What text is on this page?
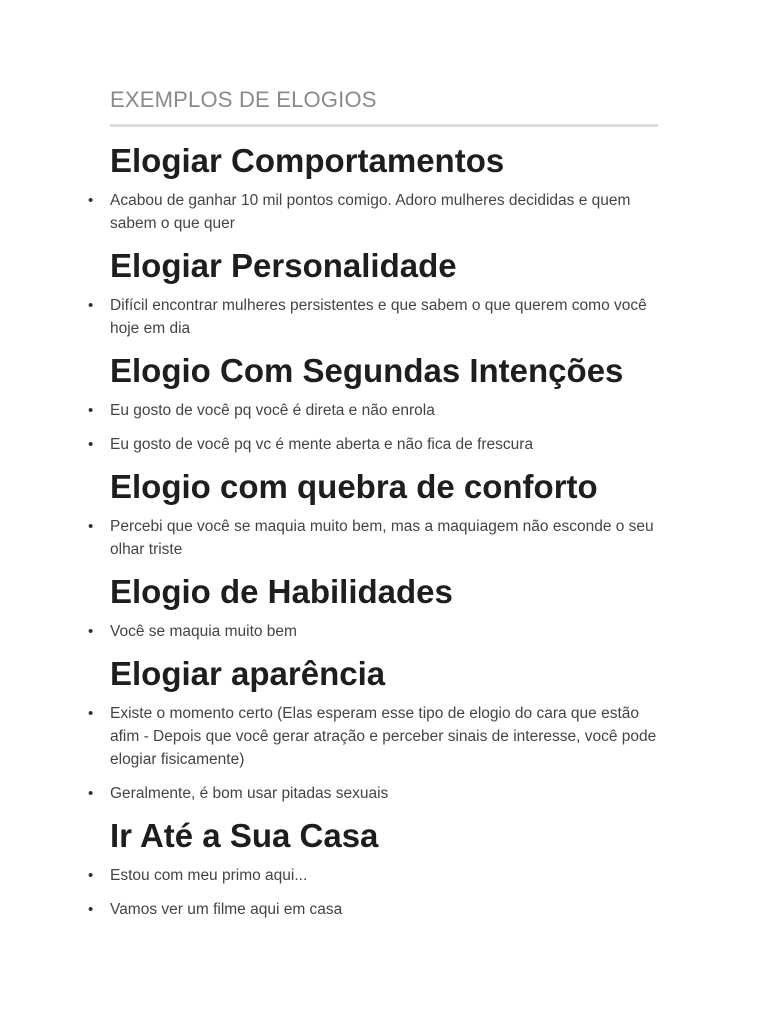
EXEMPLOS DE ELOGIOS
Elogiar Comportamentos
• Acabou de ganhar 10 mil pontos comigo. Adoro mulheres decididas e quem sabem o que quer
Elogiar Personalidade
• Difícil encontrar mulheres persistentes e que sabem o que querem como você hoje em dia
Elogio Com Segundas Intenções
• Eu gosto de você pq você é direta e não enrola
• Eu gosto de você pq vc é mente aberta e não fica de frescura
Elogio com quebra de conforto
• Percebi que você se maquia muito bem, mas a maquiagem não esconde o seu olhar triste
Elogio de Habilidades
• Você se maquia muito bem
Elogiar aparência
• Existe o momento certo (Elas esperam esse tipo de elogio do cara que estão afim - Depois que você gerar atração e perceber sinais de interesse, você pode elogiar fisicamente)
• Geralmente, é bom usar pitadas sexuais
Ir Até a Sua Casa
• Estou com meu primo aqui...
• Vamos ver um filme aqui em casa
